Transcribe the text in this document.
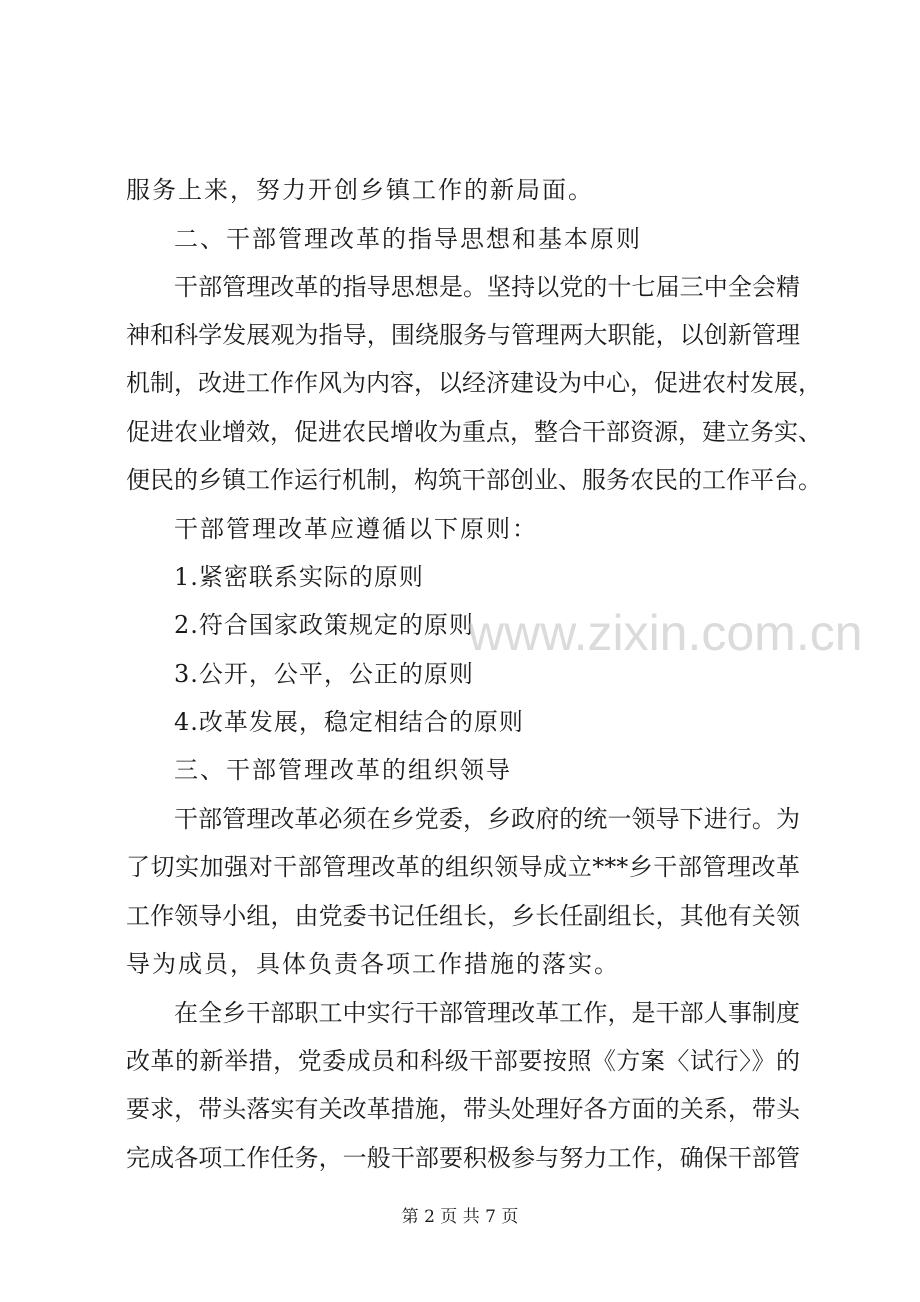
服务上来，努力开创乡镇工作的新局面。
二、干部管理改革的指导思想和基本原则
干部管理改革的指导思想是。坚持以党的十七届三中全会精
神和科学发展观为指导，围绕服务与管理两大职能，以创新管理
机制，改进工作作风为内容，以经济建设为中心，促进农村发展，
促进农业增效，促进农民增收为重点，整合干部资源，建立务实、
便民的乡镇工作运行机制，构筑干部创业、服务农民的工作平台。
干部管理改革应遵循以下原则：
1.紧密联系实际的原则
2.符合国家政策规定的原则
3.公开，公平，公正的原则
4.改革发展，稳定相结合的原则
三、干部管理改革的组织领导
干部管理改革必须在乡党委，乡政府的统一领导下进行。为
了切实加强对干部管理改革的组织领导成立***乡干部管理改革
工作领导小组，由党委书记任组长，乡长任副组长，其他有关领
导为成员，具体负责各项工作措施的落实。
在全乡干部职工中实行干部管理改革工作，是干部人事制度
改革的新举措，党委成员和科级干部要按照《方案〈试行〉》的
要求，带头落实有关改革措施，带头处理好各方面的关系，带头
完成各项工作任务，一般干部要积极参与努力工作，确保干部管
www.zixin.com.cn
第 2 页 共 7 页
